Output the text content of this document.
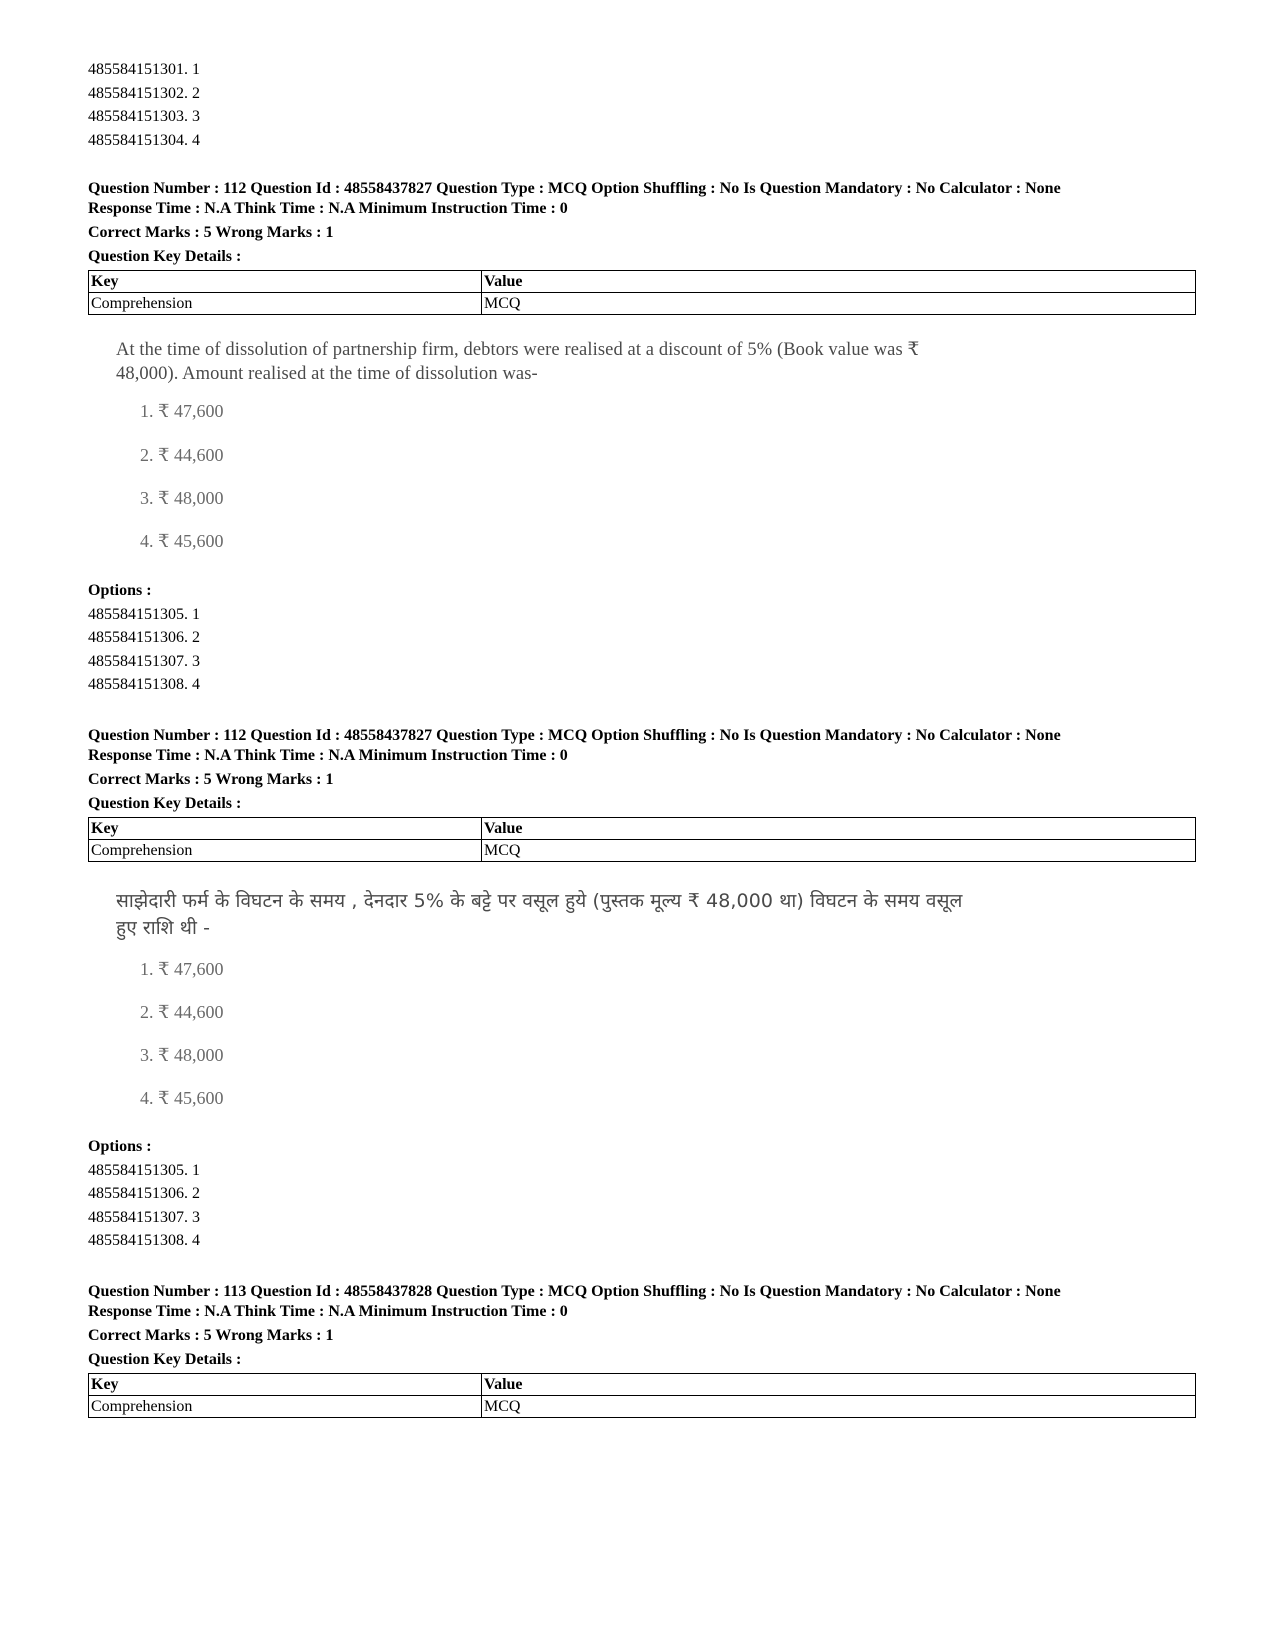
485584151301. 1
485584151302. 2
485584151303. 3
485584151304. 4
Question Number : 112 Question Id : 48558437827 Question Type : MCQ Option Shuffling : No Is Question Mandatory : No Calculator : None
Response Time : N.A Think Time : N.A Minimum Instruction Time : 0
Correct Marks : 5 Wrong Marks : 1
Question Key Details :
Key	Value
Comprehension	MCQ
At the time of dissolution of partnership firm, debtors were realised at a discount of 5% (Book value was ₹
48,000). Amount realised at the time of dissolution was-
1. ₹ 47,600
2. ₹ 44,600
3. ₹ 48,000
4. ₹ 45,600
Options :
485584151305. 1
485584151306. 2
485584151307. 3
485584151308. 4
Question Number : 112 Question Id : 48558437827 Question Type : MCQ Option Shuffling : No Is Question Mandatory : No Calculator : None
Response Time : N.A Think Time : N.A Minimum Instruction Time : 0
Correct Marks : 5 Wrong Marks : 1
Question Key Details :
Key	Value
Comprehension	MCQ
साझेदारी फर्म के विघटन के समय , देनदार 5% के बट्टे पर वसूल हुये (पुस्तक मूल्य ₹ 48,000 था) विघटन के समय वसूल
हुए राशि थी -
1. ₹ 47,600
2. ₹ 44,600
3. ₹ 48,000
4. ₹ 45,600
Options :
485584151305. 1
485584151306. 2
485584151307. 3
485584151308. 4
Question Number : 113 Question Id : 48558437828 Question Type : MCQ Option Shuffling : No Is Question Mandatory : No Calculator : None
Response Time : N.A Think Time : N.A Minimum Instruction Time : 0
Correct Marks : 5 Wrong Marks : 1
Question Key Details :
Key	Value
Comprehension	MCQ
